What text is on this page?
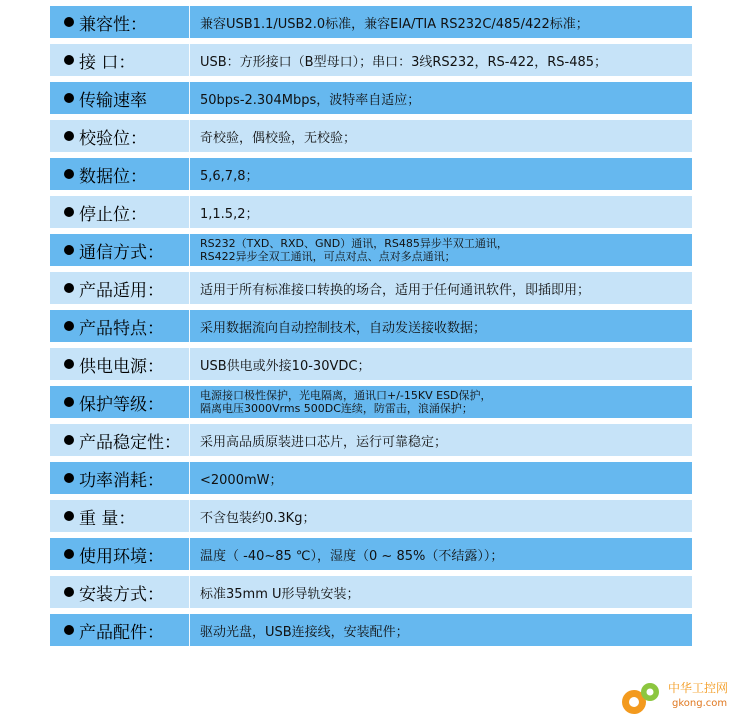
兼容性：	兼容USB1.1/USB2.0标准，兼容EIA/TIA RS232C/485/422标准；
接 口：	USB：方形接口（B型母口）；串口：3线RS232，RS-422，RS-485；
传输速率	50bps-2.304Mbps，波特率自适应；
校验位：	奇校验，偶校验，无校验；
数据位：	5,6,7,8；
停止位：	1,1.5,2；
通信方式：	RS232（TXD、RXD、GND）通讯，RS485异步半双工通讯，
RS422异步全双工通讯，可点对点、点对多点通讯；
产品适用：	适用于所有标准接口转换的场合，适用于任何通讯软件，即插即用；
产品特点：	采用数据流向自动控制技术，自动发送接收数据；
供电电源：	USB供电或外接10-30VDC；
保护等级：	电源接口极性保护，光电隔离，通讯口+/-15KV ESD保护，
隔离电压3000Vrms 500DC连续，防雷击，浪涌保护；
产品稳定性： 采用高品质原装进口芯片，运行可靠稳定；
功率消耗：	<2000mW；
重 量：	不含包装约0.3Kg；
使用环境：	温度（ -40~85 ℃），湿度（0 ~ 85%（不结露））；
安装方式：	标准35mm U形导轨安装；
产品配件：	驱动光盘，USB连接线，安装配件；
中华工控网
gkong.com
